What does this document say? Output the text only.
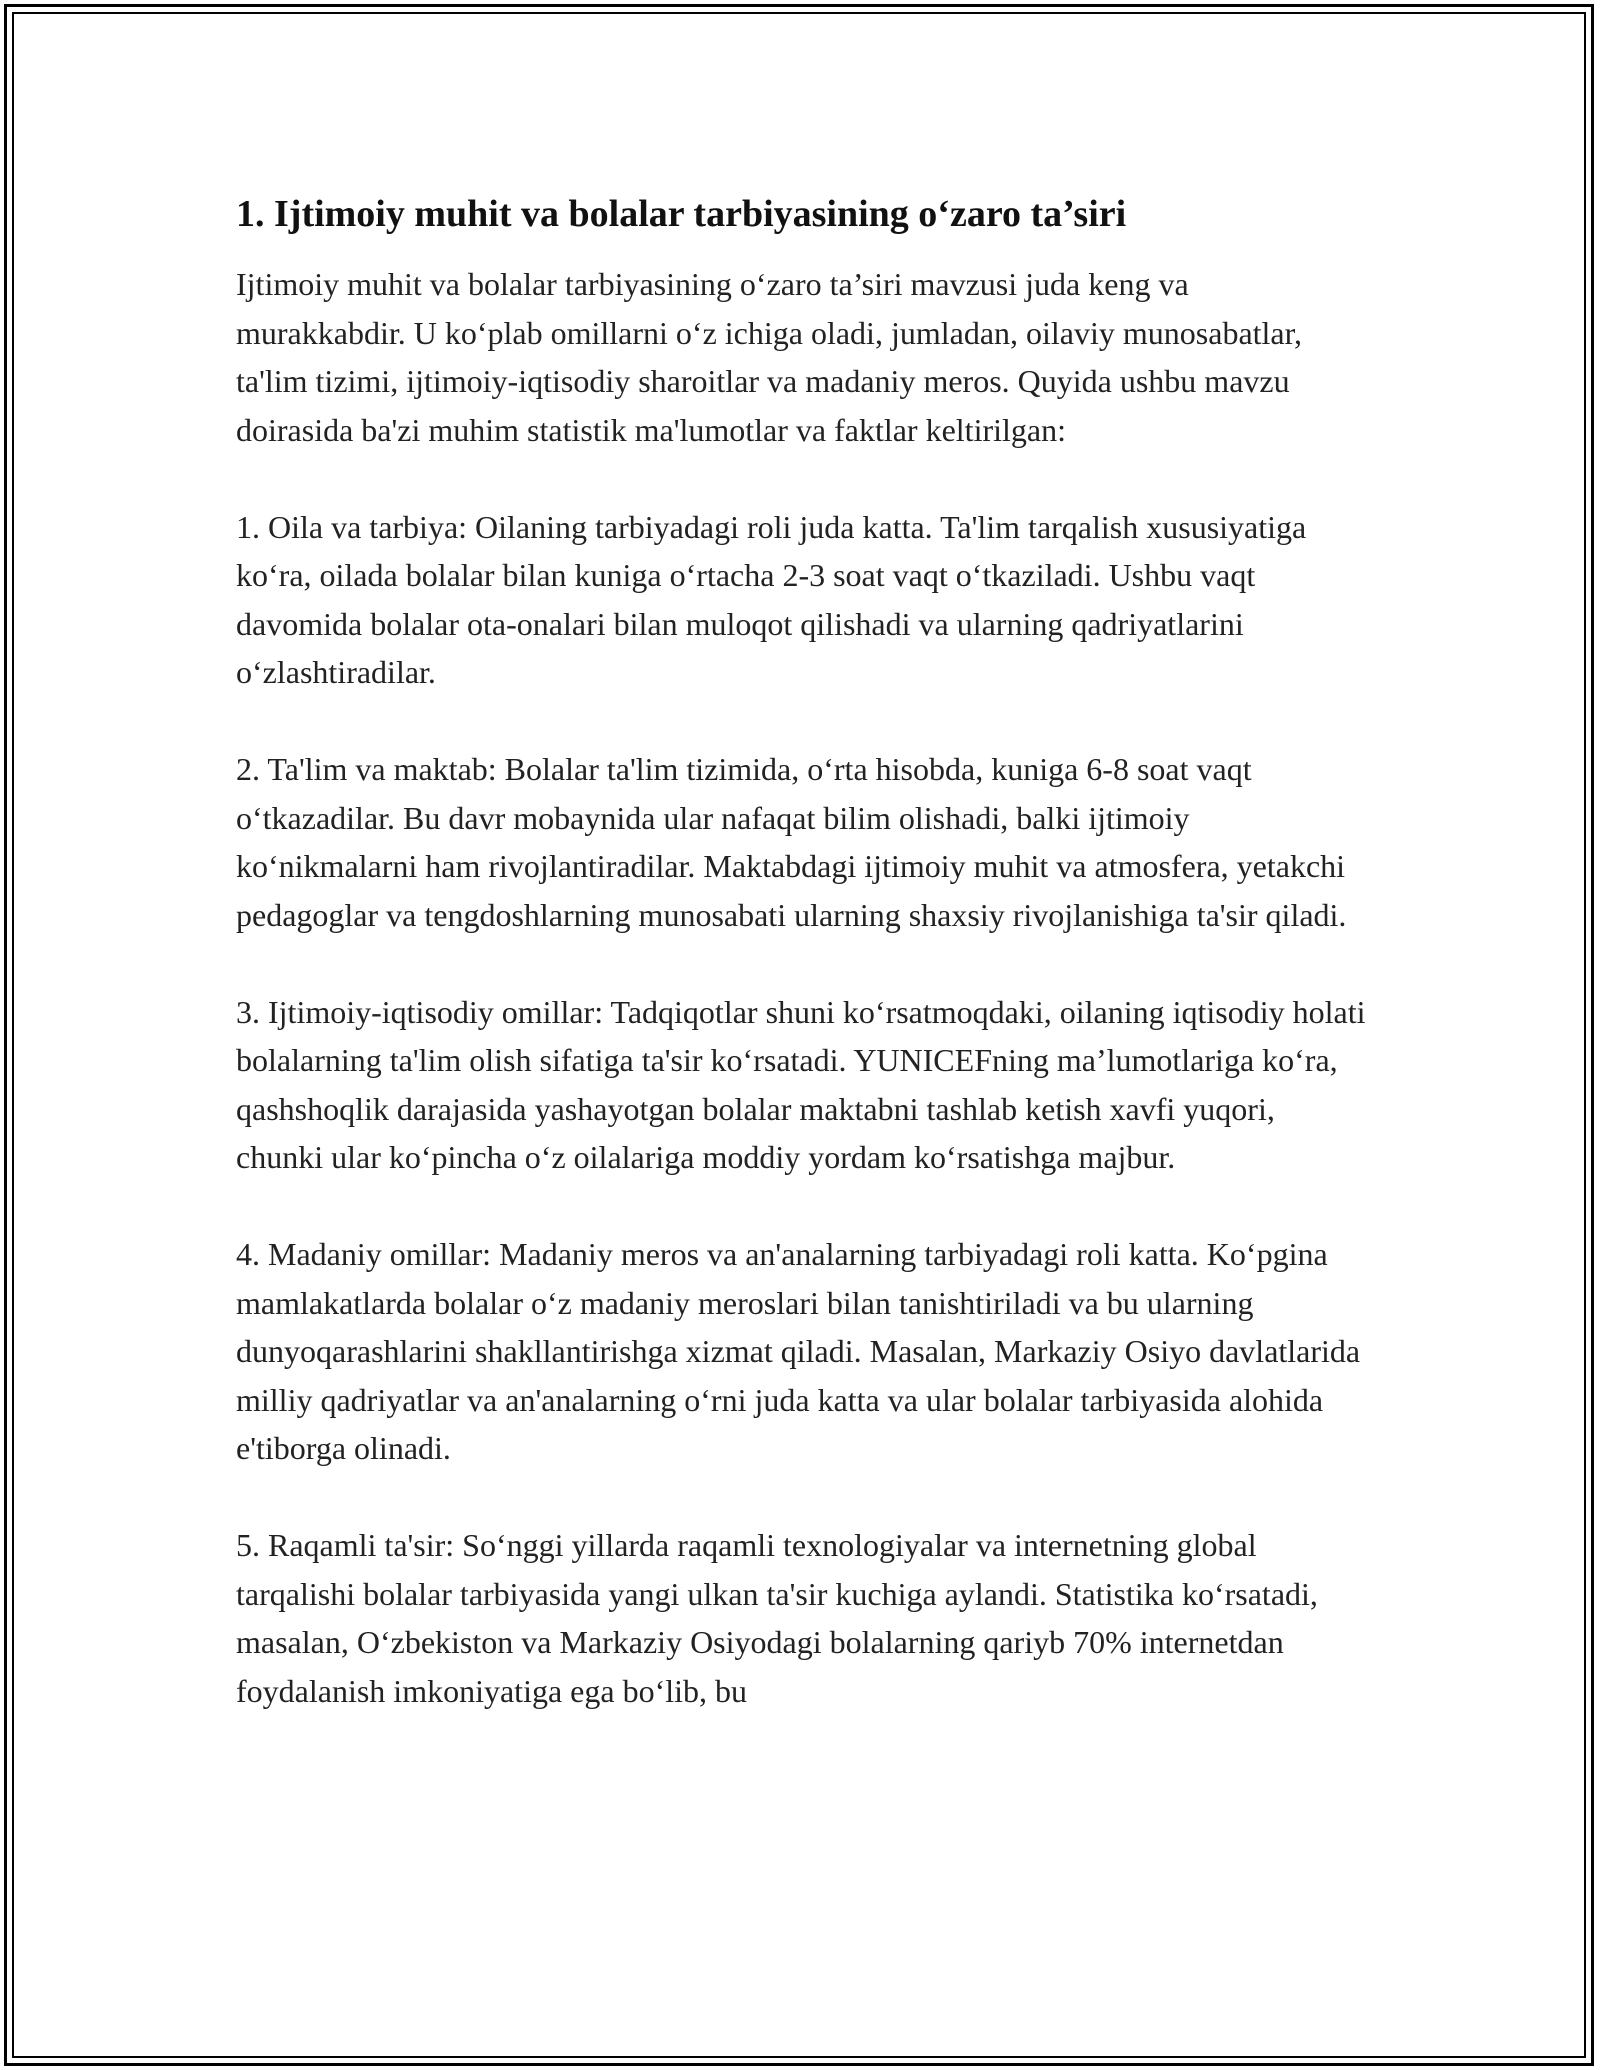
1. Ijtimoiy muhit va bolalar tarbiyasining o‘zaro ta’siri

Ijtimoiy muhit va bolalar tarbiyasining o‘zaro ta’siri mavzusi juda keng va murakkabdir. U ko‘plab omillarni o‘z ichiga oladi, jumladan, oilaviy munosabatlar, ta'lim tizimi, ijtimoiy-iqtisodiy sharoitlar va madaniy meros. Quyida ushbu mavzu doirasida ba'zi muhim statistik ma'lumotlar va faktlar keltirilgan:

1. Oila va tarbiya: Oilaning tarbiyadagi roli juda katta. Ta'lim tarqalish xususiyatiga ko‘ra, oilada bolalar bilan kuniga o‘rtacha 2-3 soat vaqt o‘tkaziladi. Ushbu vaqt davomida bolalar ota-onalari bilan muloqot qilishadi va ularning qadriyatlarini o‘zlashtiradilar.

2. Ta'lim va maktab: Bolalar ta'lim tizimida, o‘rta hisobda, kuniga 6-8 soat vaqt o‘tkazadilar. Bu davr mobaynida ular nafaqat bilim olishadi, balki ijtimoiy ko‘nikmalarni ham rivojlantiradilar. Maktabdagi ijtimoiy muhit va atmosfera, yetakchi pedagoglar va tengdoshlarning munosabati ularning shaxsiy rivojlanishiga ta'sir qiladi.

3. Ijtimoiy-iqtisodiy omillar: Tadqiqotlar shuni ko‘rsatmoqdaki, oilaning iqtisodiy holati bolalarning ta'lim olish sifatiga ta'sir ko‘rsatadi. YUNICEFning ma’lumotlariga ko‘ra, qashshoqlik darajasida yashayotgan bolalar maktabni tashlab ketish xavfi yuqori, chunki ular ko‘pincha o‘z oilalariga moddiy yordam ko‘rsatishga majbur.

4. Madaniy omillar: Madaniy meros va an'analarning tarbiyadagi roli katta. Ko‘pgina mamlakatlarda bolalar o‘z madaniy meroslari bilan tanishtiriladi va bu ularning dunyoqarashlarini shakllantirishga xizmat qiladi. Masalan, Markaziy Osiyo davlatlarida milliy qadriyatlar va an'analarning o‘rni juda katta va ular bolalar tarbiyasida alohida e'tiborga olinadi.

5. Raqamli ta'sir: So‘nggi yillarda raqamli texnologiyalar va internetning global tarqalishi bolalar tarbiyasida yangi ulkan ta'sir kuchiga aylandi. Statistika ko‘rsatadi, masalan, O‘zbekiston va Markaziy Osiyodagi bolalarning qariyb 70% internetdan foydalanish imkoniyatiga ega bo‘lib, bu
